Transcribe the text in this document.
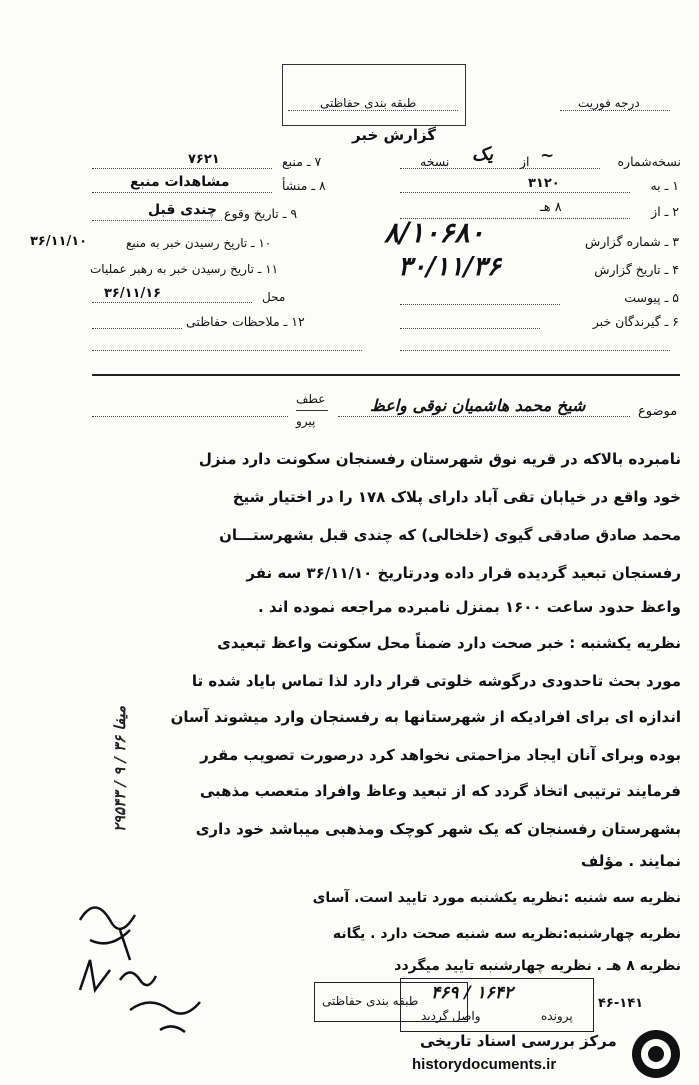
طبقه بندی حفاظتی	درجه فوریت
گزارش خبر
نسخه‌شماره
از
نسخه	~
یک
۱ ـ به
۳۱۲۰
۲ ـ از
۸ هـ
۳ ـ شماره گزارش
۸/۱۰۶۸۰
۴ ـ تاریخ گزارش
۳۰/۱۱/۳۶
۵ ـ پیوست
۶ ـ گیرندگان خبر
۷ ـ منبع
۷۶۲۱
۸ ـ منشأ
مشاهدات منبع
۹ ـ تاریخ وقوع
چندی قبل
۱۰ ـ تاریخ رسیدن خبر به منبع
۳۶/۱۱/۱۰
۱۱ ـ تاریخ رسیدن خبر به رهبر عملیات
محل
۳۶/۱۱/۱۶
۱۲ ـ ملاحظات حفاظتی
موضوع
شیخ محمد هاشمیان نوقی واعظ
عطف
پیرو
نامبرده بالاکه در قریه نوق شهرستان رفسنجان سکونت دارد منزل
خود واقع در خیابان تقی آباد دارای پلاک ۱۷۸ را در اختیار شیخ
محمد صادق صادقی گیوی (خلخالی) که چندی قبل بشهرستـــان
رفسنجان تبعید گردیده قرار داده ودرتاریخ ۳۶/۱۱/۱۰ سه نفر
واعظ حدود ساعت ۱۶۰۰ بمنزل نامبرده مراجعه نموده اند .
نظریه یکشنبه : خبر صحت دارد ضمناً محل سکونت واعظ تبعیدی
مورد بحث تاحدودی درگوشه خلوتی قرار دارد لذا تماس بایاد شده تا
اندازه ای برای افرادیکه از شهرستانها به رفسنجان وارد میشوند آسان
بوده وبرای آنان ایجاد مزاحمتی نخواهد کرد درصورت تصویب مقرر
فرمایند ترتیبی اتخاذ گردد که از تبعید وعاظ وافراد متعصب مذهبی
بشهرستان رفسنجان که یک شهر کوچک ومذهبی میباشد خود داری
نمایند . مؤلف
نظریه سه شنبه :نظریه یکشنبه مورد تایید است. آسای
نظریه چهارشنبه:نظریه سه شنبه صحت دارد . یگانه
نظریه ۸ هـ . نظریه چهارشنبه تایید میگردد
۲۹۵۴۳ / ۹ / ۳۶ میفا
۴۶-۱۴۱
طبقه بندی حفاظتی
واصل گردید
۴۶۹ / ۱۶۴۲
پرونده
مرکز بررسی اسناد تاریخی
historydocuments.ir
